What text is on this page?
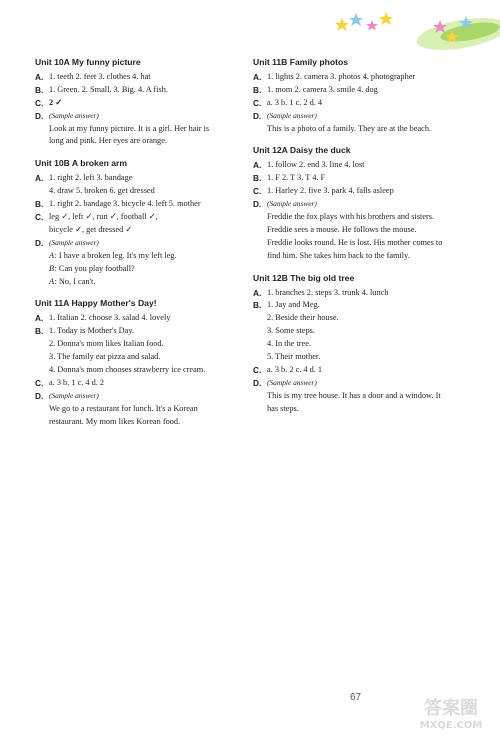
Unit 10A My funny picture
A. 1. teeth 2. feet 3. clothes 4. hat
B. 1. Green. 2. Small. 3. Big. 4. A fish.
C. 2 ✓
D. (Sample answer)
Look at my funny picture. It is a girl. Her hair is
long and pink. Her eyes are orange.
Unit 10B A broken arm
A. 1. right 2. left 3. bandage
4. draw 5. broken 6. get dressed
B. 1. right 2. bandage 3. bicycle 4. left 5. mother
C. leg ✓, left ✓, run ✓, football ✓,
bicycle ✓, get dressed ✓
D. (Sample answer)
A: I have a broken leg. It's my left leg.
B: Can you play football?
A: No, I can't.
Unit 11A Happy Mother's Day!
A. 1. Italian 2. choose 3. salad 4. lovely
B. 1. Today is Mother's Day.
2. Donna's mom likes Italian food.
3. The family eat pizza and salad.
4. Donna's mom chooses strawberry ice cream.
C. a. 3 b. 1 c. 4 d. 2
D. (Sample answer)
We go to a restaurant for lunch. It's a Korean
restaurant. My mom likes Korean food.
Unit 11B Family photos
A. 1. lights 2. camera 3. photos 4. photographer
B. 1. mom 2. camera 3. smile 4. dog
C. a. 3 b. 1 c. 2 d. 4
D. (Sample answer)
This is a photo of a family. They are at the beach.
Unit 12A Daisy the duck
A. 1. follow 2. end 3. line 4. lost
B. 1. F 2. T 3. T 4. F
C. 1. Harley 2. five 3. park 4. falls asleep
D. (Sample answer)
Freddie the fox plays with his brothers and sisters.
Freddie sees a mouse. He follows the mouse.
Freddie looks round. He is lost. His mother comes to
find him. She takes him back to the family.
Unit 12B The big old tree
A. 1. branches 2. steps 3. trunk 4. lunch
B. 1. Jay and Meg.
2. Beside their house.
3. Some steps.
4. In the tree.
5. Their mother.
C. a. 3 b. 2 c. 4 d. 1
D. (Sample answer)
This is my tree house. It has a door and a window. It
has steps.
67
答案圈
MXQE.COM
